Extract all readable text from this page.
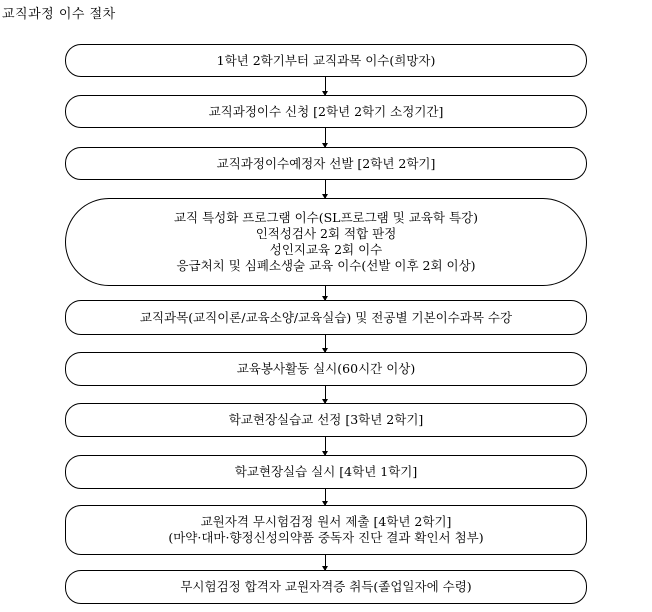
교직과정 이수 절차
1학년 2학기부터 교직과목 이수(희망자)
교직과정이수 신청 [2학년 2학기 소정기간]
교직과정이수예정자 선발 [2학년 2학기]
교직 특성화 프로그램 이수(SL프로그램 및 교육학 특강)
인적성검사 2회 적합 판정
성인지교육 2회 이수
응급처치 및 심폐소생술 교육 이수(선발 이후 2회 이상)
교직과목(교직이론/교육소양/교육실습) 및 전공별 기본이수과목 수강
교육봉사활동 실시(60시간 이상)
학교현장실습교 선정 [3학년 2학기]
학교현장실습 실시 [4학년 1학기]
교원자격 무시험검정 원서 제출 [4학년 2학기]
(마약·대마·향정신성의약품 중독자 진단 결과 확인서 첨부)
무시험검정 합격자 교원자격증 취득(졸업일자에 수령)
